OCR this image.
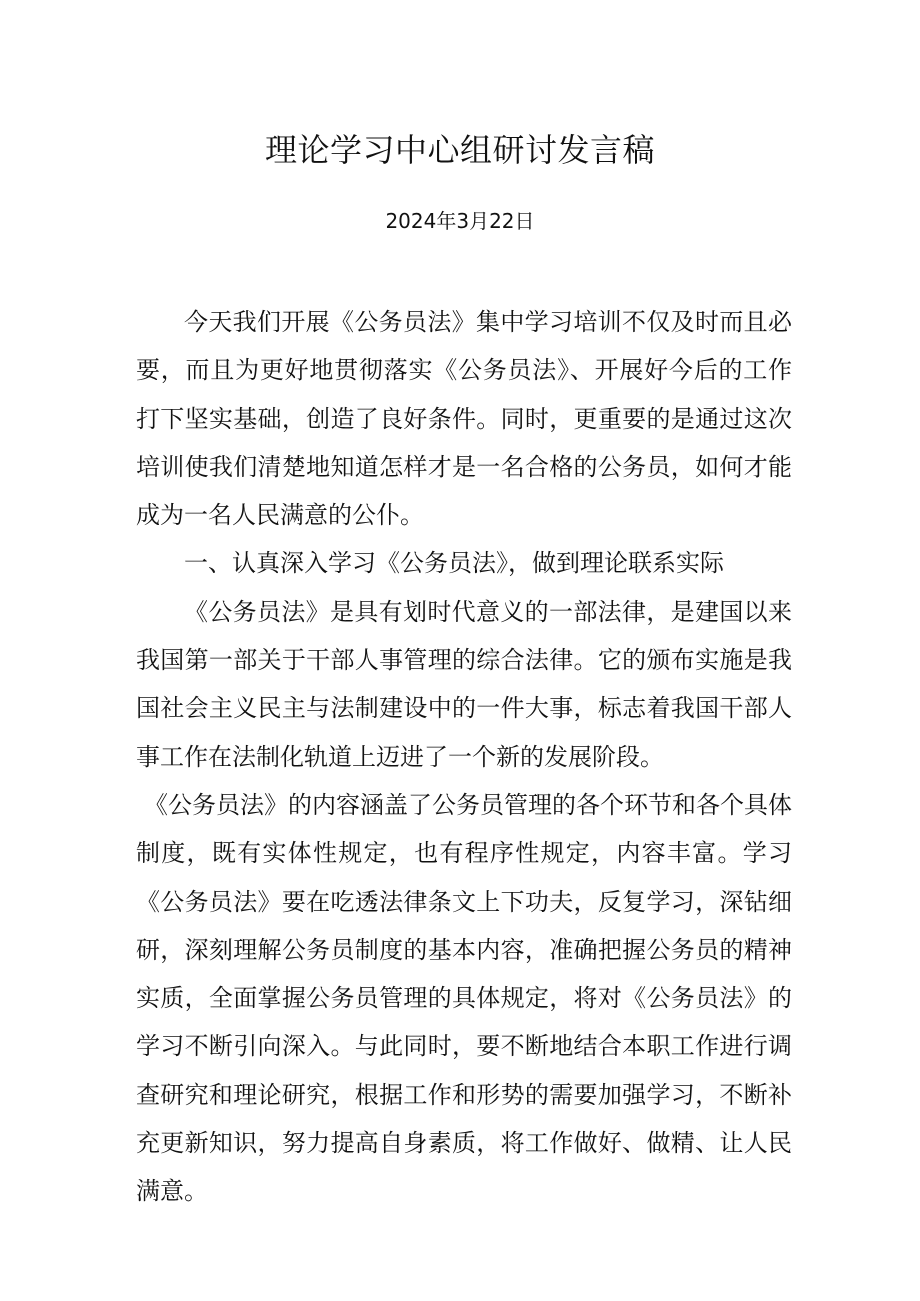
理论学习中心组研讨发言稿
2024年3月22日

今天我们开展《公务员法》集中学习培训不仅及时而且必要，而且为更好地贯彻落实《公务员法》、开展好今后的工作打下坚实基础，创造了良好条件。同时，更重要的是通过这次培训使我们清楚地知道怎样才是一名合格的公务员，如何才能成为一名人民满意的公仆。

一、认真深入学习《公务员法》，做到理论联系实际

《公务员法》是具有划时代意义的一部法律，是建国以来我国第一部关于干部人事管理的综合法律。它的颁布实施是我国社会主义民主与法制建设中的一件大事，标志着我国干部人事工作在法制化轨道上迈进了一个新的发展阶段。

《公务员法》的内容涵盖了公务员管理的各个环节和各个具体制度，既有实体性规定，也有程序性规定，内容丰富。学习《公务员法》要在吃透法律条文上下功夫，反复学习，深钻细研，深刻理解公务员制度的基本内容，准确把握公务员的精神实质，全面掌握公务员管理的具体规定，将对《公务员法》的学习不断引向深入。与此同时，要不断地结合本职工作进行调查研究和理论研究，根据工作和形势的需要加强学习，不断补充更新知识，努力提高自身素质，将工作做好、做精、让人民满意。
